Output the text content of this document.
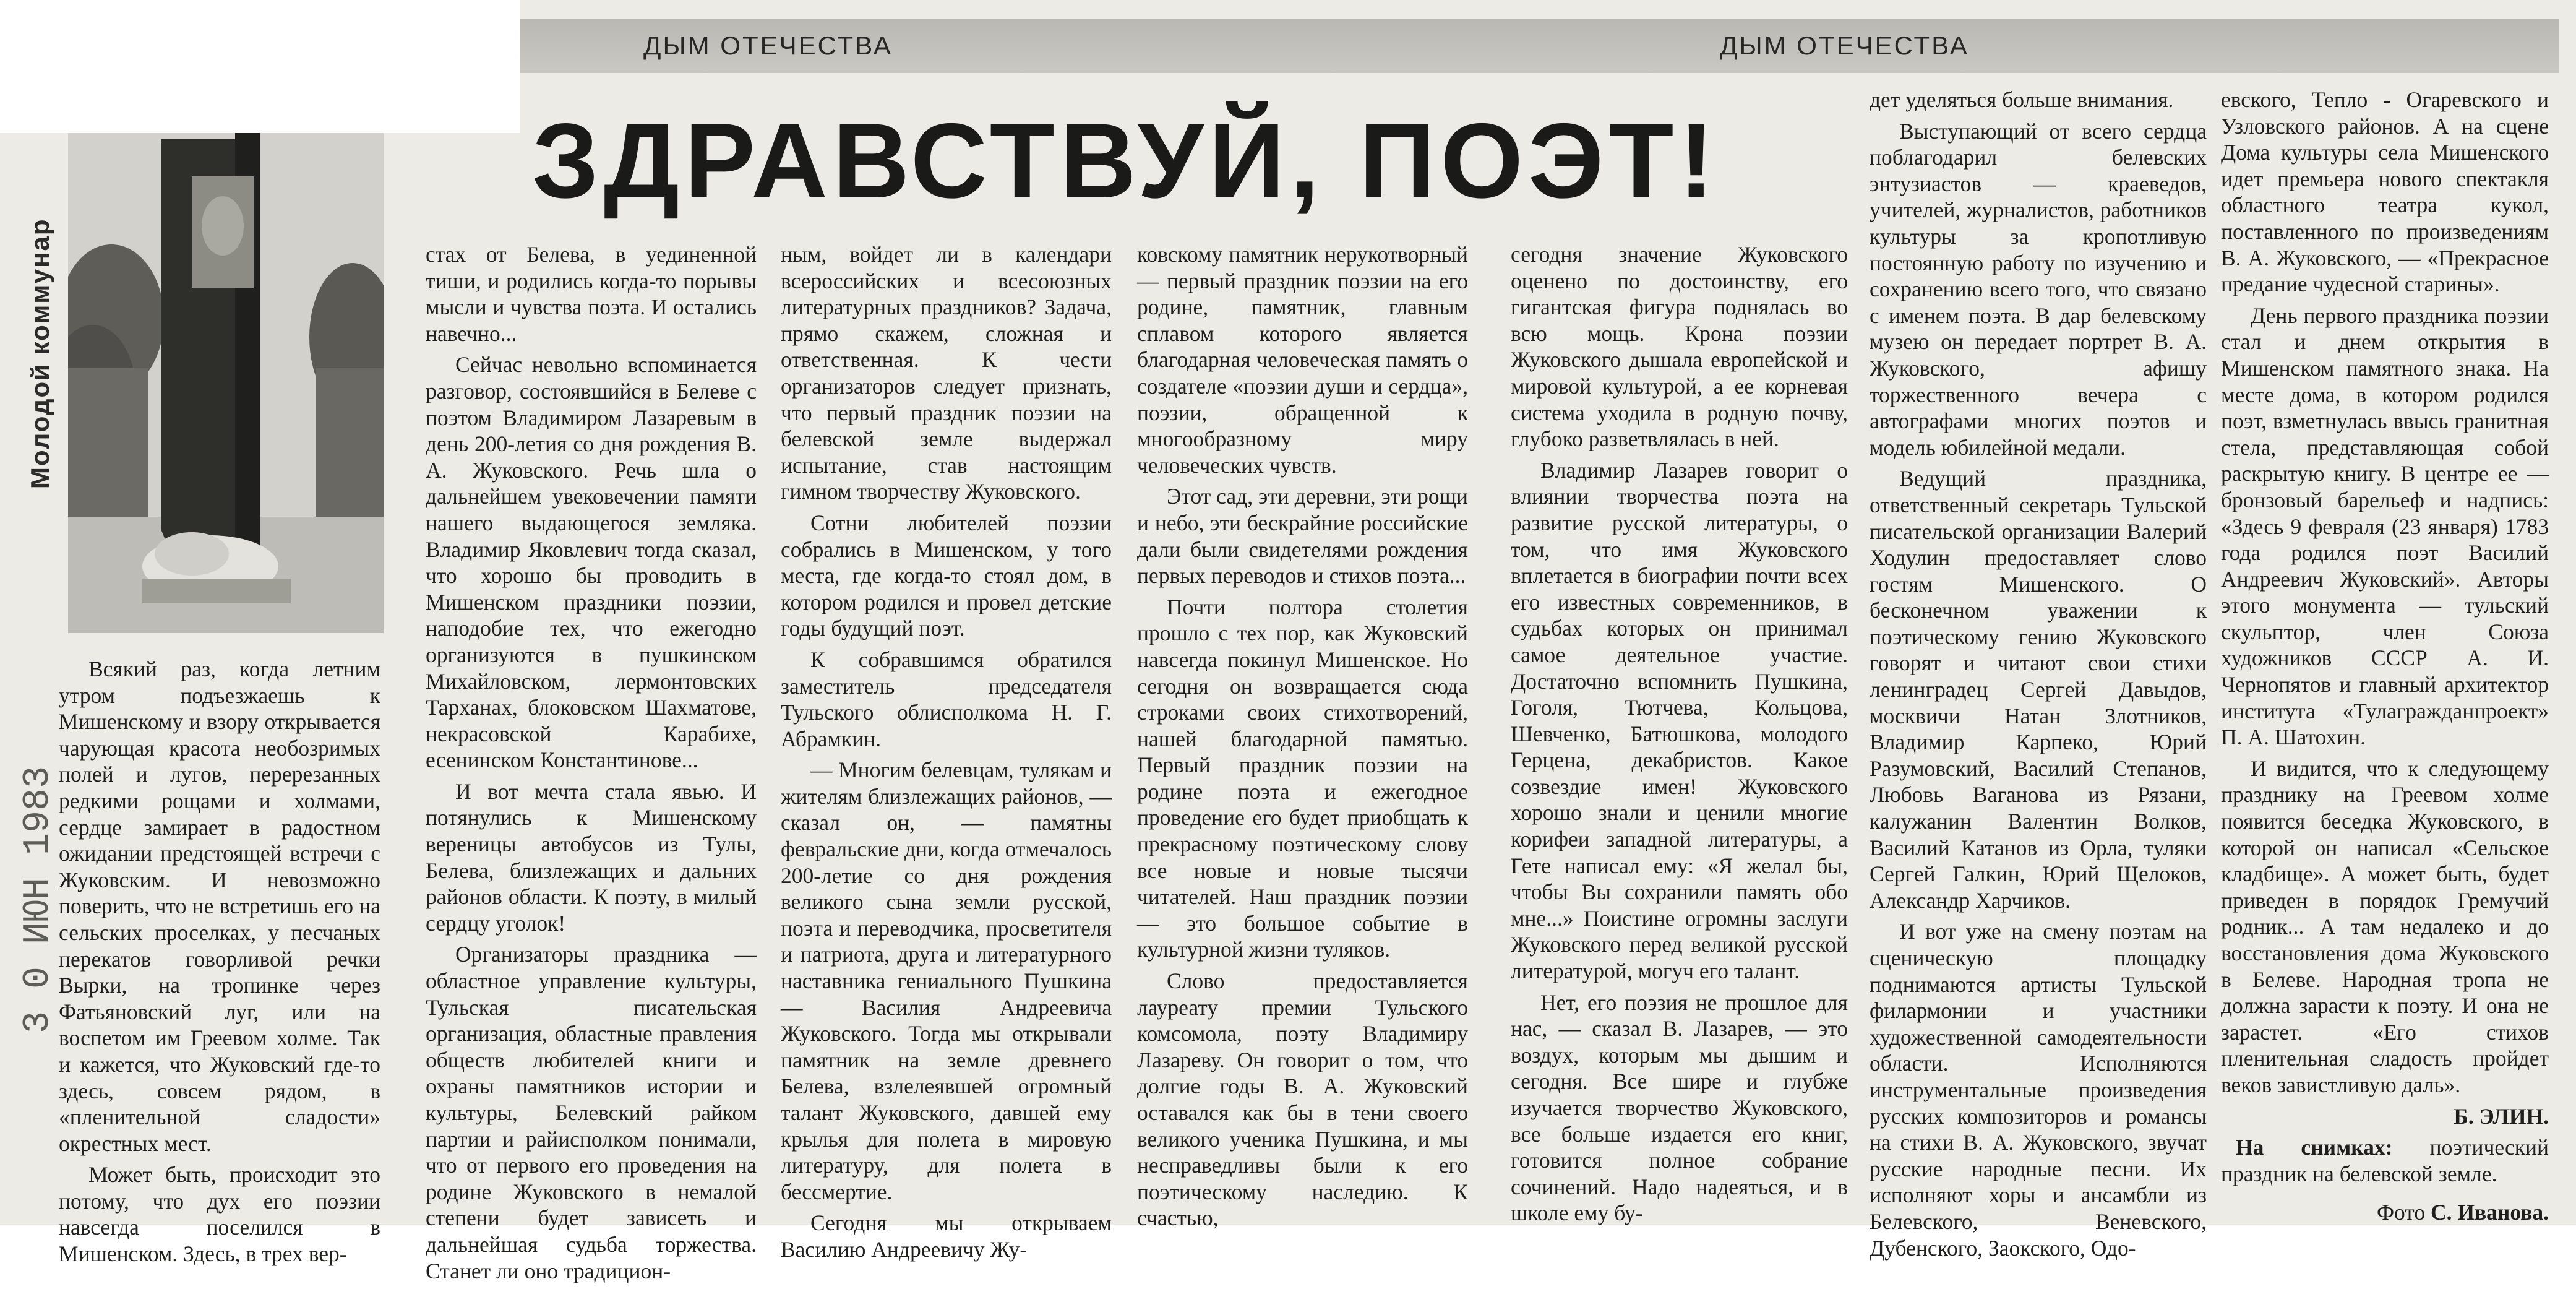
ДЫМ ОТЕЧЕСТВА	ДЫМ ОТЕЧЕСТВА
ЗДРАВСТВУЙ, ПОЭТ!
Молодой коммунар
3 0 ИЮН 1983

Всякий раз, когда летним утром подъезжаешь к Мишенскому и взору открывается чарующая красота необозримых полей и лугов, перерезанных редкими рощами и холмами, сердце замирает в радостном ожидании предстоящей встречи с Жуковским. И невозможно поверить, что не встретишь его на сельских проселках, у песчаных перекатов говорливой речки Вырки, на тропинке через Фатьяновский луг, или на воспетом им Греевом холме. Так и кажется, что Жуковский где-то здесь, совсем рядом, в «пленительной сладости» окрестных мест.

Может быть, происходит это потому, что дух его поэзии навсегда поселился в Мишенском. Здесь, в трех вер-

стах от Белева, в уединенной тиши, и родились когда-то порывы мысли и чувства поэта. И остались навечно...

Сейчас невольно вспоминается разговор, состоявшийся в Белеве с поэтом Владимиром Лазаревым в день 200-летия со дня рождения В. А. Жуковского. Речь шла о дальнейшем увековечении памяти нашего выдающегося земляка. Владимир Яковлевич тогда сказал, что хорошо бы проводить в Мишенском праздники поэзии, наподобие тех, что ежегодно организуются в пушкинском Михайловском, лермонтовских Тарханах, блоковском Шахматове, некрасовской Карабихе, есенинском Константинове...

И вот мечта стала явью. И потянулись к Мишенскому вереницы автобусов из Тулы, Белева, близлежащих и дальних районов области. К поэту, в милый сердцу уголок!

Организаторы праздника — областное управление культуры, Тульская писательская организация, областные правления обществ любителей книги и охраны памятников истории и культуры, Белевский райком партии и райисполком понимали, что от первого его проведения на родине Жуковского в немалой степени будет зависеть и дальнейшая судьба торжества. Станет ли оно традицион-

ным, войдет ли в календари всероссийских и всесоюзных литературных праздников? Задача, прямо скажем, сложная и ответственная. К чести организаторов следует признать, что первый праздник поэзии на белевской земле выдержал испытание, став настоящим гимном творчеству Жуковского.

Сотни любителей поэзии собрались в Мишенском, у того места, где когда-то стоял дом, в котором родился и провел детские годы будущий поэт.

К собравшимся обратился заместитель председателя Тульского облисполкома Н. Г. Абрамкин.

— Многим белевцам, тулякам и жителям близлежащих районов, — сказал он, — памятны февральские дни, когда отмечалось 200-летие со дня рождения великого сына земли русской, поэта и переводчика, просветителя и патриота, друга и литературного наставника гениального Пушкина — Василия Андреевича Жуковского. Тогда мы открывали памятник на земле древнего Белева, взлелеявшей огромный талант Жуковского, давшей ему крылья для полета в мировую литературу, для полета в бессмертие.

Сегодня мы открываем Василию Андреевичу Жу-

ковскому памятник нерукотворный — первый праздник поэзии на его родине, памятник, главным сплавом которого является благодарная человеческая память о создателе «поэзии души и сердца», поэзии, обращенной к многообразному миру человеческих чувств.

Этот сад, эти деревни, эти рощи и небо, эти бескрайние российские дали были свидетелями рождения первых переводов и стихов поэта...

Почти полтора столетия прошло с тех пор, как Жуковский навсегда покинул Мишенское. Но сегодня он возвращается сюда строками своих стихотворений, нашей благодарной памятью. Первый праздник поэзии на родине поэта и ежегодное проведение его будет приобщать к прекрасному поэтическому слову все новые и новые тысячи читателей. Наш праздник поэзии — это большое событие в культурной жизни туляков.

Слово предоставляется лауреату премии Тульского комсомола, поэту Владимиру Лазареву. Он говорит о том, что долгие годы В. А. Жуковский оставался как бы в тени своего великого ученика Пушкина, и мы несправедливы были к его поэтическому наследию. К счастью,

сегодня значение Жуковского оценено по достоинству, его гигантская фигура поднялась во всю мощь. Крона поэзии Жуковского дышала европейской и мировой культурой, а ее корневая система уходила в родную почву, глубоко разветвлялась в ней.

Владимир Лазарев говорит о влиянии творчества поэта на развитие русской литературы, о том, что имя Жуковского вплетается в биографии почти всех его известных современников, в судьбах которых он принимал самое деятельное участие. Достаточно вспомнить Пушкина, Гоголя, Тютчева, Кольцова, Шевченко, Батюшкова, молодого Герцена, декабристов. Какое созвездие имен! Жуковского хорошо знали и ценили многие корифеи западной литературы, а Гете написал ему: «Я желал бы, чтобы Вы сохранили память обо мне...» Поистине огромны заслуги Жуковского перед великой русской литературой, могуч его талант.

Нет, его поэзия не прошлое для нас, — сказал В. Лазарев, — это воздух, которым мы дышим и сегодня. Все шире и глубже изучается творчество Жуковского, все больше издается его книг, готовится полное собрание сочинений. Надо надеяться, и в школе ему бу-

дет уделяться больше внимания.

Выступающий от всего сердца поблагодарил белевских энтузиастов — краеведов, учителей, журналистов, работников культуры за кропотливую постоянную работу по изучению и сохранению всего того, что связано с именем поэта. В дар белевскому музею он передает портрет В. А. Жуковского, афишу торжественного вечера с автографами многих поэтов и модель юбилейной медали.

Ведущий праздника, ответственный секретарь Тульской писательской организации Валерий Ходулин предоставляет слово гостям Мишенского. О бесконечном уважении к поэтическому гению Жуковского говорят и читают свои стихи ленинградец Сергей Давыдов, москвичи Натан Злотников, Владимир Карпеко, Юрий Разумовский, Василий Степанов, Любовь Ваганова из Рязани, калужанин Валентин Волков, Василий Катанов из Орла, туляки Сергей Галкин, Юрий Щелоков, Александр Харчиков.

И вот уже на смену поэтам на сценическую площадку поднимаются артисты Тульской филармонии и участники художественной самодеятельности области. Исполняются инструментальные произведения русских композиторов и романсы на стихи В. А. Жуковского, звучат русские народные песни. Их исполняют хоры и ансамбли из Белевского, Веневского, Дубенского, Заокского, Одо-

евского, Тепло - Огаревского и Узловского районов. А на сцене Дома культуры села Мишенского идет премьера нового спектакля областного театра кукол, поставленного по произведениям В. А. Жуковского, — «Прекрасное предание чудесной старины».

День первого праздника поэзии стал и днем открытия в Мишенском памятного знака. На месте дома, в котором родился поэт, взметнулась ввысь гранитная стела, представляющая собой раскрытую книгу. В центре ее — бронзовый барельеф и надпись: «Здесь 9 февраля (23 января) 1783 года родился поэт Василий Андреевич Жуковский». Авторы этого монумента — тульский скульптор, член Союза художников СССР А. И. Чернопятов и главный архитектор института «Тулагражданпроект» П. А. Шатохин.

И видится, что к следующему празднику на Греевом холме появится беседка Жуковского, в которой он написал «Сельское кладбище». А может быть, будет приведен в порядок Гремучий родник... А там недалеко и до восстановления дома Жуковского в Белеве. Народная тропа не должна зарасти к поэту. И она не зарастет. «Его стихов пленительная сладость пройдет веков завистливую даль».

Б. ЭЛИН.

На снимках: поэтический праздник на белевской земле.

Фото С. Иванова.
